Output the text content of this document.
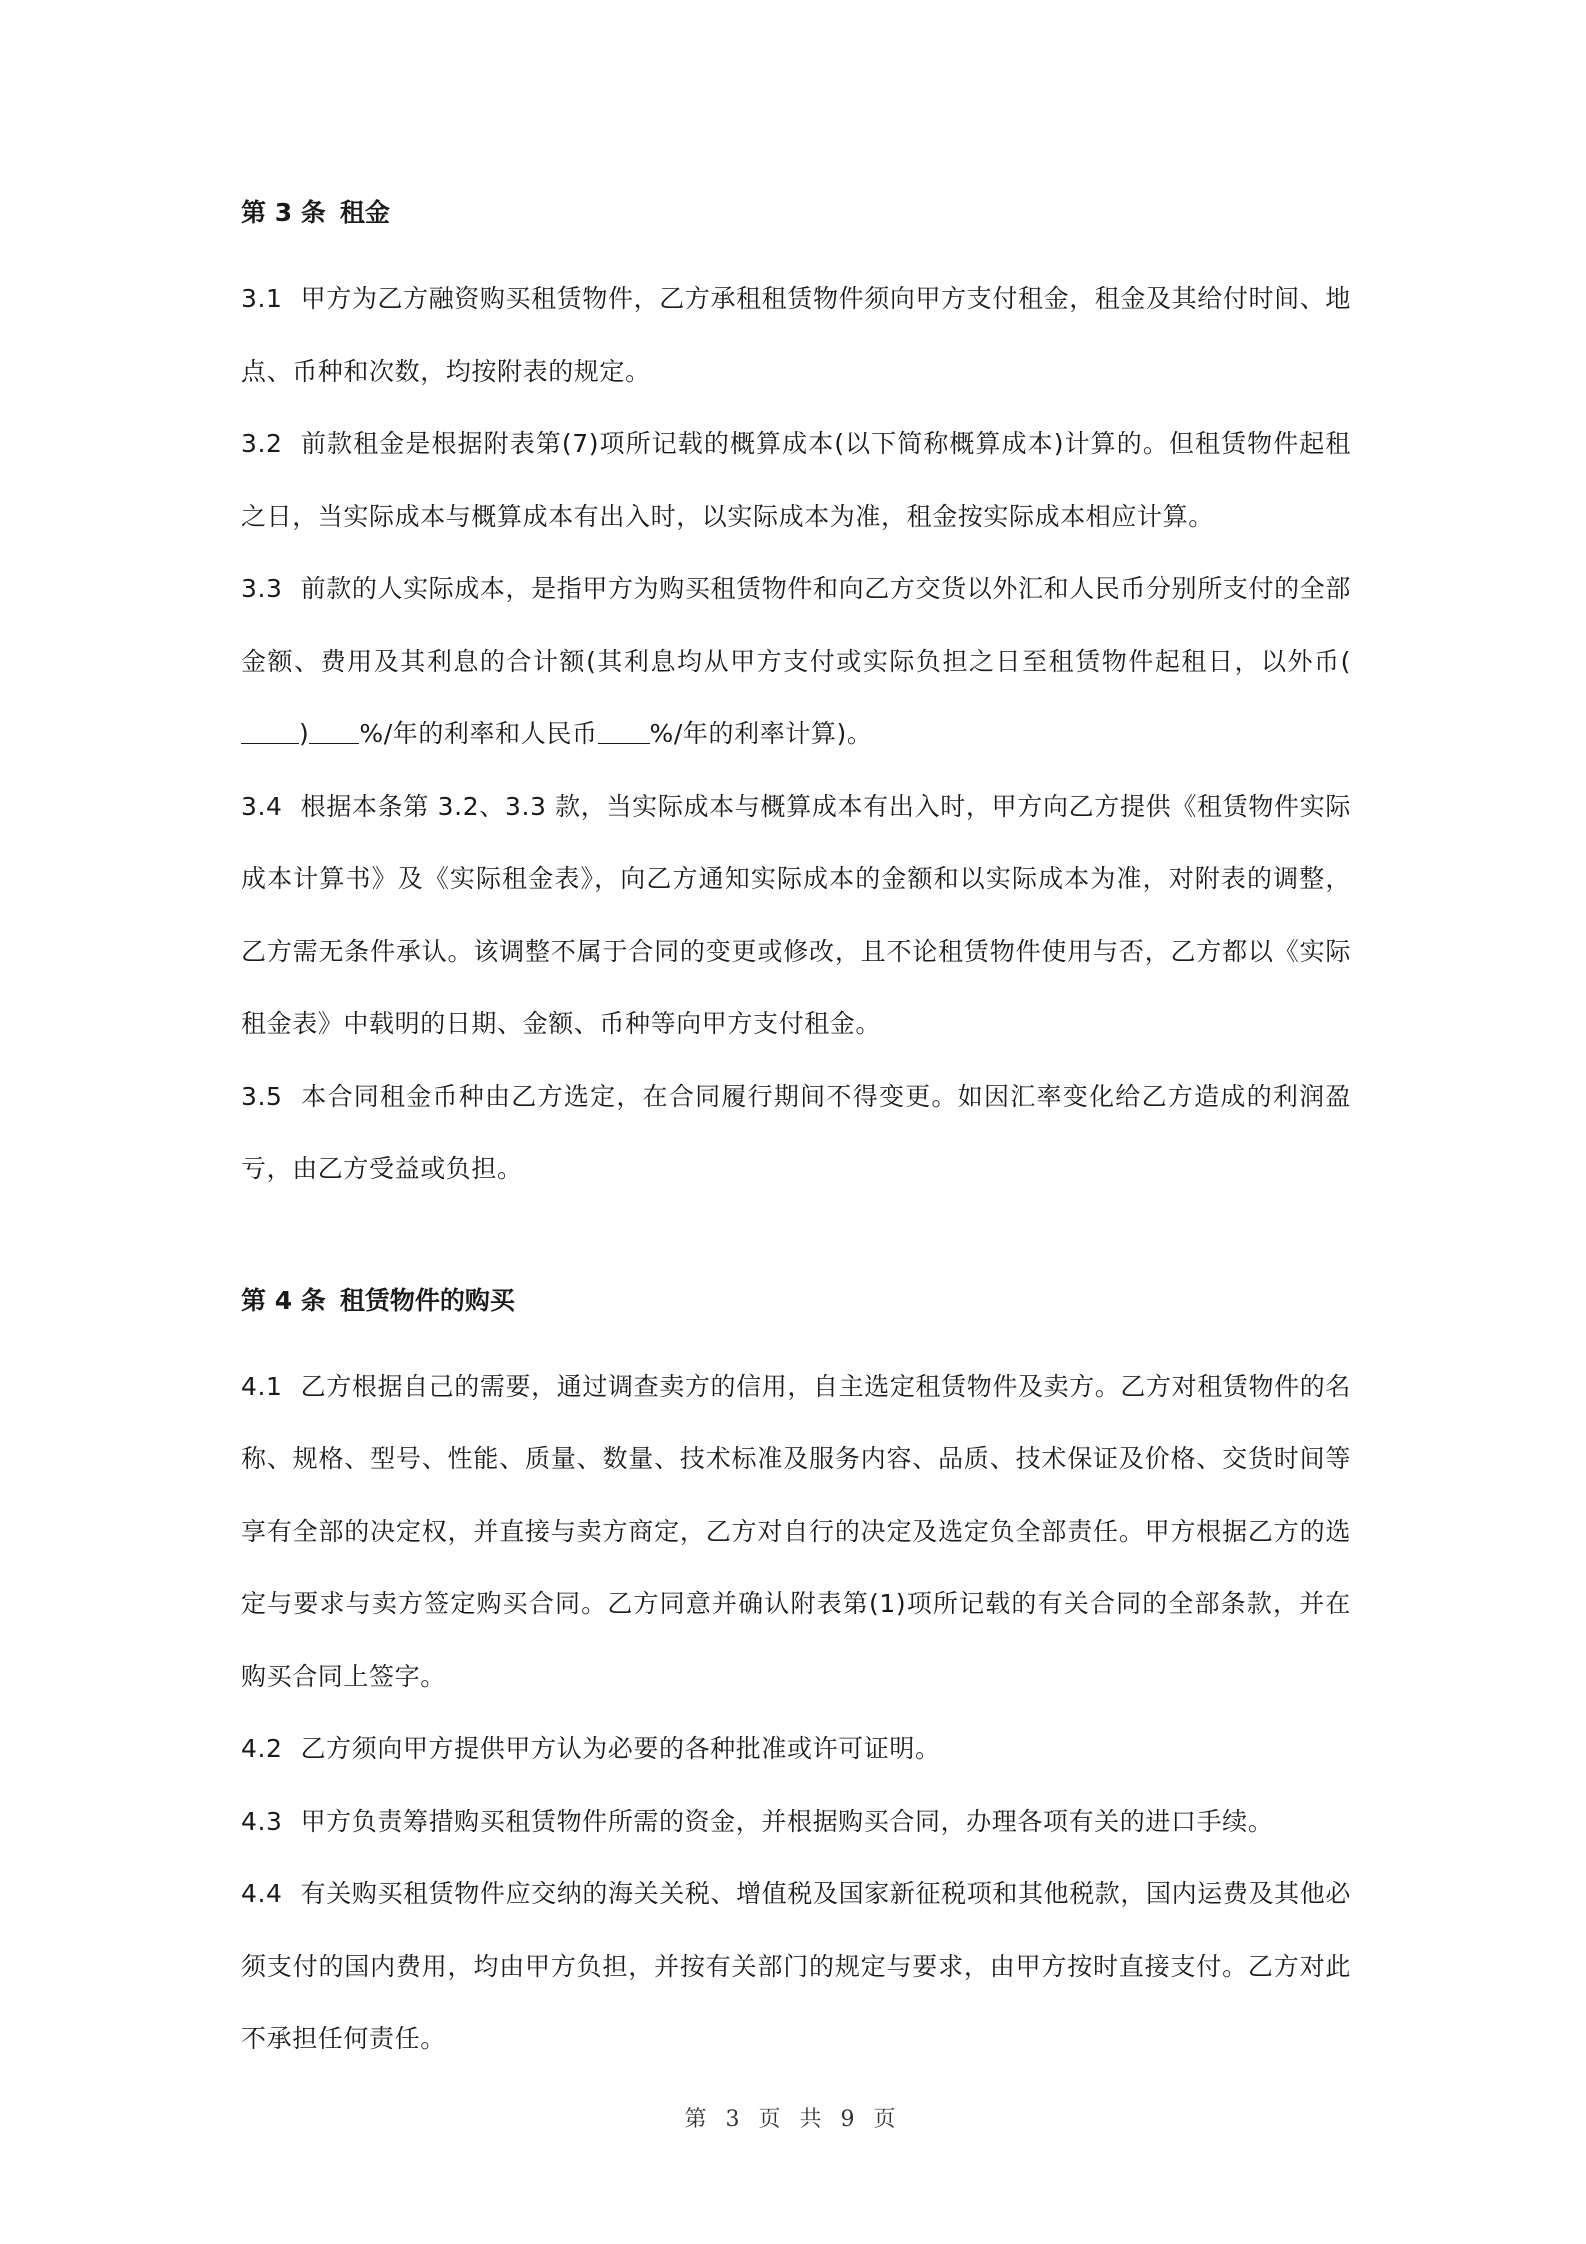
第 3 条 租金

3.1 甲方为乙方融资购买租赁物件，乙方承租租赁物件须向甲方支付租金，租金及其给付时间、地点、币种和次数，均按附表的规定。

3.2 前款租金是根据附表第(7)项所记载的概算成本(以下简称概算成本)计算的。但租赁物件起租之日，当实际成本与概算成本有出入时，以实际成本为准，租金按实际成本相应计算。

3.3 前款的人实际成本，是指甲方为购买租赁物件和向乙方交货以外汇和人民币分别所支付的全部金额、费用及其利息的合计额(其利息均从甲方支付或实际负担之日至租赁物件起租日，以外币() %/年的利率和人民币 %/年的利率计算)。

3.4 根据本条第 3.2、3.3 款，当实际成本与概算成本有出入时，甲方向乙方提供《租赁物件实际成本计算书》及《实际租金表》，向乙方通知实际成本的金额和以实际成本为准，对附表的调整，乙方需无条件承认。该调整不属于合同的变更或修改，且不论租赁物件使用与否，乙方都以《实际租金表》中载明的日期、金额、币种等向甲方支付租金。

3.5 本合同租金币种由乙方选定，在合同履行期间不得变更。如因汇率变化给乙方造成的利润盈亏，由乙方受益或负担。

第 4 条 租赁物件的购买

4.1 乙方根据自己的需要，通过调查卖方的信用，自主选定租赁物件及卖方。乙方对租赁物件的名称、规格、型号、性能、质量、数量、技术标准及服务内容、品质、技术保证及价格、交货时间等享有全部的决定权，并直接与卖方商定，乙方对自行的决定及选定负全部责任。甲方根据乙方的选定与要求与卖方签定购买合同。乙方同意并确认附表第(1)项所记载的有关合同的全部条款，并在购买合同上签字。

4.2 乙方须向甲方提供甲方认为必要的各种批准或许可证明。

4.3 甲方负责筹措购买租赁物件所需的资金，并根据购买合同，办理各项有关的进口手续。

4.4 有关购买租赁物件应交纳的海关关税、增值税及国家新征税项和其他税款，国内运费及其他必须支付的国内费用，均由甲方负担，并按有关部门的规定与要求，由甲方按时直接支付。乙方对此不承担任何责任。

第 3 页 共 9 页
